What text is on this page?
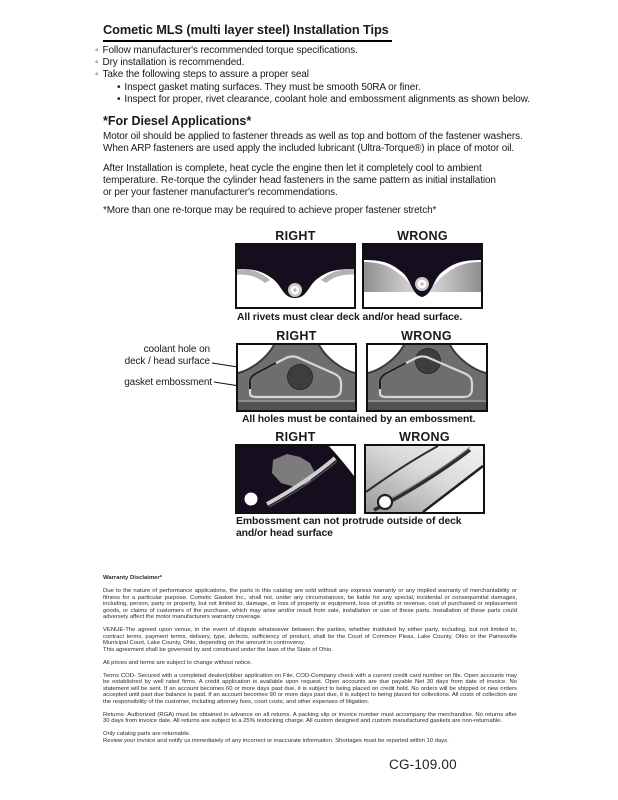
Cometic MLS (multi layer steel) Installation Tips
◦ Follow manufacturer's recommended torque specifications.
◦ Dry installation is recommended.
◦ Take the following steps to assure a proper seal
• Inspect gasket mating surfaces. They must be smooth 50RA or finer.
• Inspect for proper, rivet clearance, coolant hole and embossment alignments as shown below.
*For Diesel Applications*
Motor oil should be applied to fastener threads as well as top and bottom of the fastener washers.
When ARP fasteners are used apply the included lubricant (Ultra-Torque®) in place of motor oil.
After Installation is complete, heat cycle the engine then let it completely cool to ambient
temperature. Re-torque the cylinder head fasteners in the same pattern as initial installation
or per your fastener manufacturer's recommendations.
*More than one re-torque may be required to achieve proper fastener stretch*
RIGHT	WRONG
All rivets must clear deck and/or head surface.
RIGHT	WRONG
coolant hole on
deck / head surface
gasket embossment
All holes must be contained by an embossment.
RIGHT	WRONG
Embossment can not protrude outside of deck
and/or head surface
Warranty Disclaimer*
Due to the nature of performance applications, the parts in this catalog are sold without any express warranty or any implied warranty of merchantability or fitness for a particular purpose. Cometic Gasket Inc., shall not, under any circumstances, be liable for any special, incidental or consequential damages, including, person, party or property, but not limited to, damage, or loss of property or equipment, loss of profits or revenue, cost of purchased or replacement goods, or claims of customers of the purchase, which may arise and/or result from sale, installation or use of these parts. Installation of these parts could adversely affect the motor manufacturers warranty coverage.
VENUE-The agreed upon venue, in the event of dispute whatsoever between the parties, whether instituted by either party, including, but not limited to, contract terms, payment terms, delivery, type, defects, sufficiency of product, shall be the Court of Common Pleas, Lake County, Ohio or the Painesville Municipal Court, Lake County, Ohio, depending on the amount in controversy.
This agreement shall be governed by and construed under the laws of the State of Ohio.
All prices and terms are subject to change without notice.
Terms COD- Secured with a completed dealer/jobber application on File, COD-Company check with a current credit card number on file. Open accounts may be established by well rated firms. A credit application is available upon request. Open accounts are due payable Net 30 days from date of invoice. No statement will be sent. If an account becomes 60 or more days past due, it is subject to being placed on credit hold. No orders will be shipped or new orders accepted until past due balance is paid. If an account becomes 90 or more days past due, it is subject to being placed for collections. All costs of collection are the responsibility of the customer, including attorney fees, court costs, and other expenses of litigation.
Returns- Authorized (RGA) must be obtained in advance on all returns. A packing slip or invoice number must accompany the merchandise. No returns after 30 days from invoice date. All returns are subject to a 25% restocking charge. All custom designed and custom manufactured gaskets are non-returnable.
Only catalog parts are returnable.
Review your invoice and notify us immediately of any incorrect or inaccurate information. Shortages must be reported within 10 days.
CG-109.00
